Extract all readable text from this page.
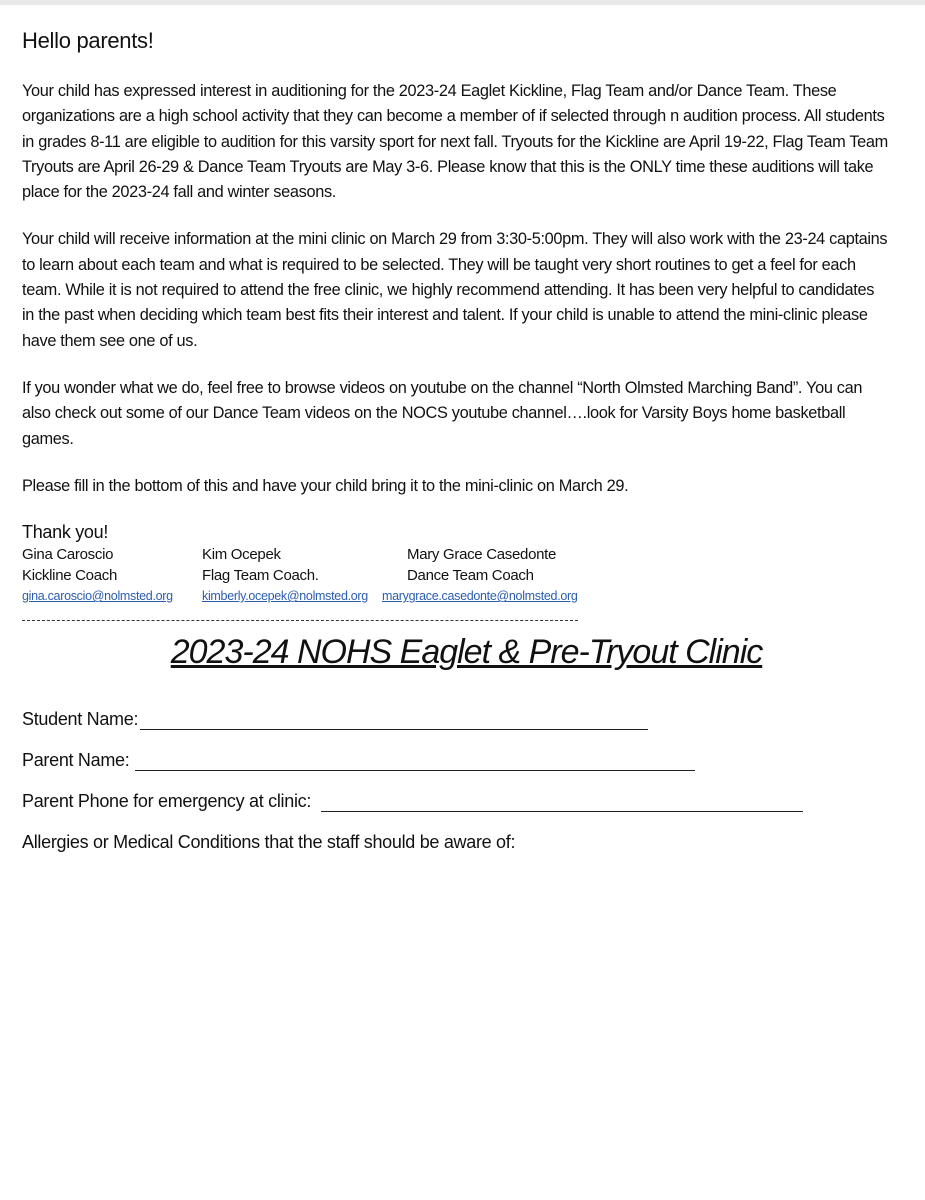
Hello parents!

Your child has expressed interest in auditioning for the 2023-24 Eaglet Kickline, Flag Team and/or Dance Team. These organizations are a high school activity that they can become a member of if selected through n audition process. All students in grades 8-11 are eligible to audition for this varsity sport for next fall. Tryouts for the Kickline are April 19-22, Flag Team Team Tryouts are April 26-29 & Dance Team Tryouts are May 3-6. Please know that this is the ONLY time these auditions will take place for the 2023-24 fall and winter seasons.

Your child will receive information at the mini clinic on March 29 from 3:30-5:00pm. They will also work with the 23-24 captains to learn about each team and what is required to be selected. They will be taught very short routines to get a feel for each team. While it is not required to attend the free clinic, we highly recommend attending. It has been very helpful to candidates in the past when deciding which team best fits their interest and talent. If your child is unable to attend the mini-clinic please have them see one of us.

If you wonder what we do, feel free to browse videos on youtube on the channel “North Olmsted Marching Band”. You can also check out some of our Dance Team videos on the NOCS youtube channel….look for Varsity Boys home basketball games.

Please fill in the bottom of this and have your child bring it to the mini-clinic on March 29.

Thank you!

Gina Caroscio
Kickline Coach
gina.caroscio@nolmsted.org
Kim Ocepek
Flag Team Coach.
kimberly.ocepek@nolmsted.org
Mary Grace Casedonte
Dance Team Coach
marygrace.casedonte@nolmsted.org
2023-24 NOHS Eaglet & Pre-Tryout Clinic
Student Name:
Parent Name:
Parent Phone for emergency at clinic:
Allergies or Medical Conditions that the staff should be aware of:
